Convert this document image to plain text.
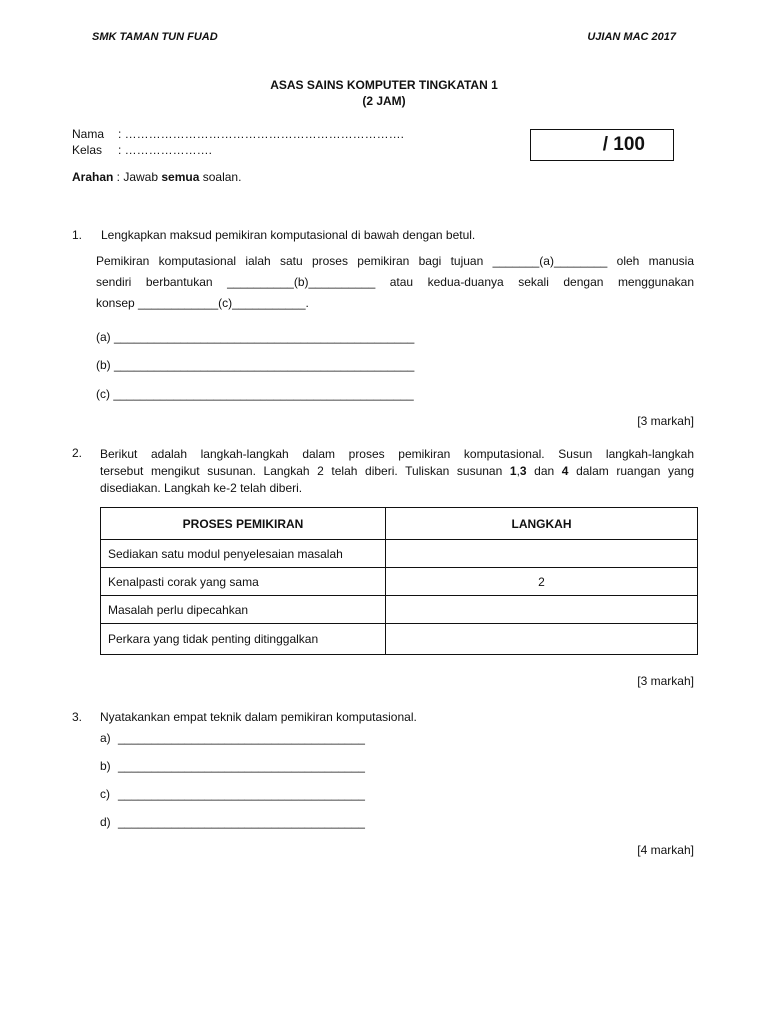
SMK TAMAN TUN FUAD	UJIAN MAC 2017
ASAS SAINS KOMPUTER TINGKATAN 1
(2 JAM)
Nama : …………………………………………………………….
Kelas : ………………….	/ 100
Arahan : Jawab semua soalan.
1. Lengkapkan maksud pemikiran komputasional di bawah dengan betul.
Pemikiran komputasional ialah satu proses pemikiran bagi tujuan _______(a)________ oleh manusia
sendiri berbantukan __________(b)__________ atau kedua-duanya sekali dengan menggunakan
konsep ____________(c)___________.
(a) _____________________________________________
(b) _____________________________________________
(c) _____________________________________________
[3 markah]
2. Berikut adalah langkah-langkah dalam proses pemikiran komputasional. Susun langkah-langkah
tersebut mengikut susunan. Langkah 2 telah diberi. Tuliskan susunan 1,3 dan 4 dalam ruangan yang
disediakan. Langkah ke-2 telah diberi.
PROSES PEMIKIRAN	LANGKAH
Sediakan satu modul penyelesaian masalah	
Kenalpasti corak yang sama	2
Masalah perlu dipecahkan	
Perkara yang tidak penting ditinggalkan	
[3 markah]
3. Nyatakankan empat teknik dalam pemikiran komputasional.
a) _____________________________________
b) _____________________________________
c) _____________________________________
d) _____________________________________
[4 markah]
